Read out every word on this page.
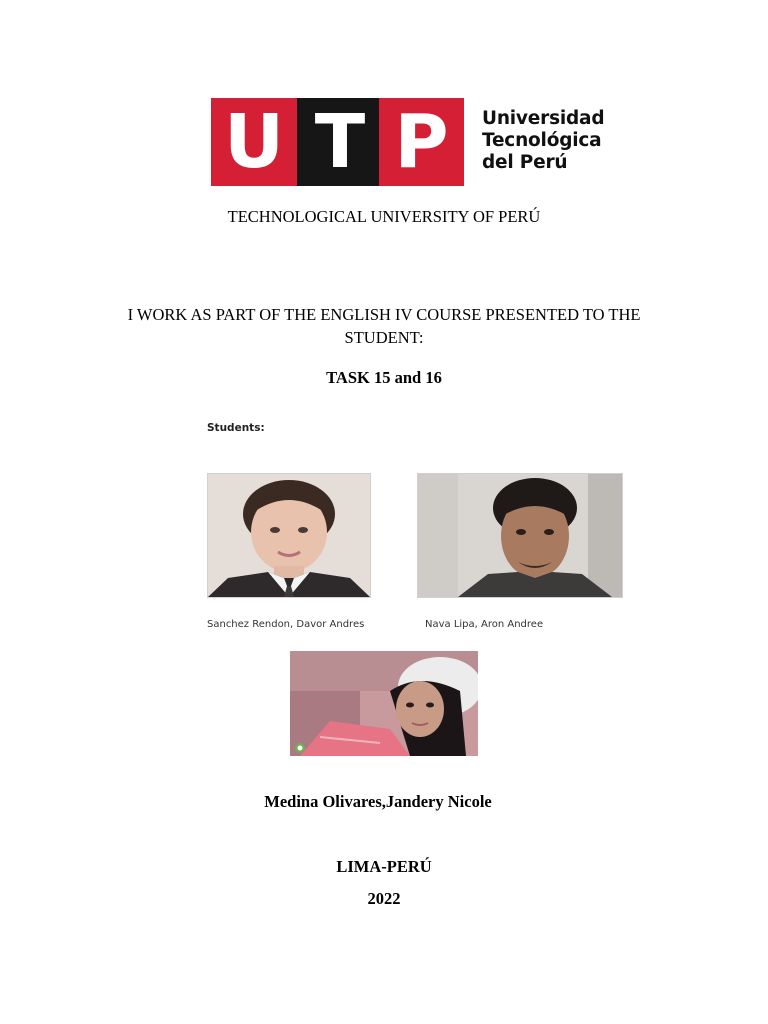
U T P	Universidad
Tecnológica
del Perú
TECHNOLOGICAL UNIVERSITY OF PERÚ
I WORK AS PART OF THE ENGLISH IV COURSE PRESENTED TO THE
STUDENT:
TASK 15 and 16
Students:
Sanchez Rendon, Davor Andres	Nava Lipa, Aron Andree
Medina Olivares,Jandery Nicole
LIMA-PERÚ
2022
